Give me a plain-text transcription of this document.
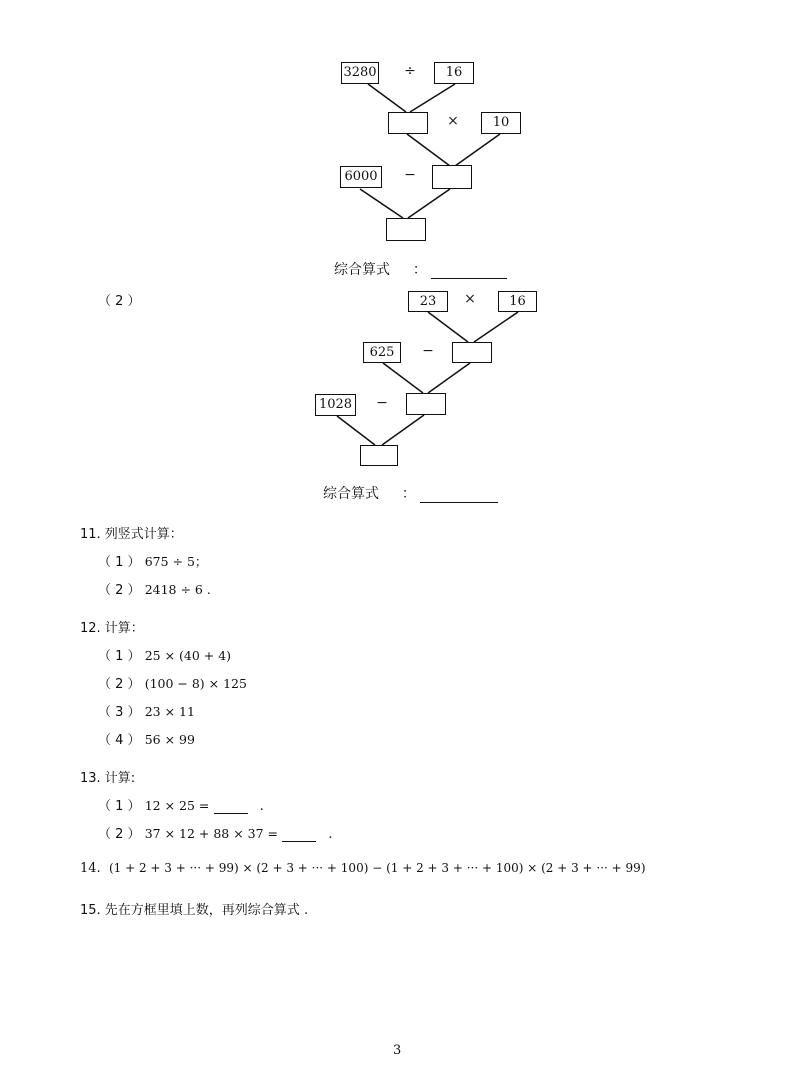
3280 ÷	16
×	10
6000	−
综合算式 ：
（ 2 ）	23	×	16
625	−
1028 −
综合算式 ：
11. 列竖式计算：
（ 1 ） 675 ÷ 5；
（ 2 ） 2418 ÷ 6 .
12. 计算：
（ 1 ） 25 × (40 + 4)
（ 2 ） (100 − 8) × 125
（ 3 ） 23 × 11
（ 4 ） 56 × 99
13. 计算:
（ 1 ） 12 × 25 =	.
（ 2 ） 37 × 12 + 88 × 37 =	.
14. (1 + 2 + 3 + ··· + 99) × (2 + 3 + ··· + 100) − (1 + 2 + 3 + ··· + 100) × (2 + 3 + ··· + 99)
15. 先在方框里填上数，再列综合算式 .
3
